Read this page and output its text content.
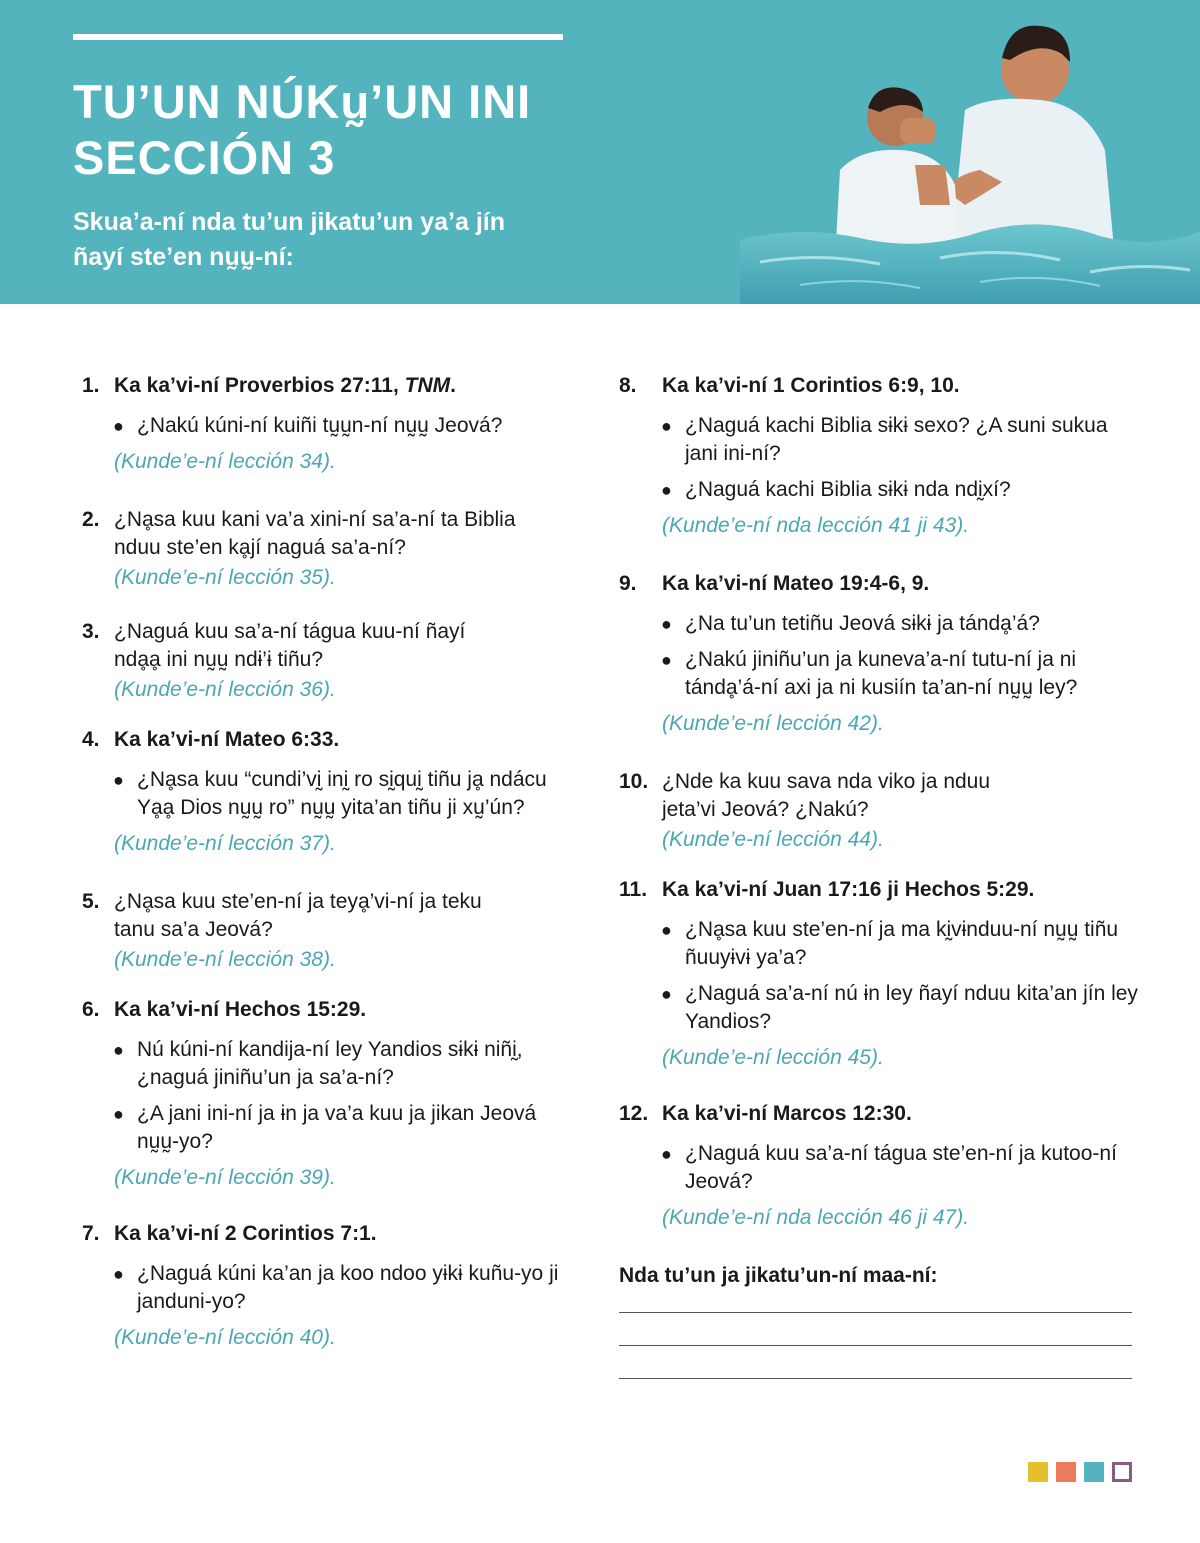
TU’UN NÚKṵ’UN INI
SECCIÓN 3
Skua’a-ní nda tu’un jikatu’un ya’a jín
ñayí ste’en nṵṵ-ní:
1. Ka ka’vi-ní Proverbios 27:11, TNM.
● ¿Nakú kúni-ní kuiñi tṵṵn-ní nṵṵ Jeová?
(Kunde’e-ní lección 34).
2. ¿Nḁsa kuu kani va’a xini-ní sa’a-ní ta Biblia
nduu ste’en kḁjí naguá sa’a-ní?
(Kunde’e-ní lección 35).
3. ¿Naguá kuu sa’a-ní tágua kuu-ní ñayí
ndḁḁ ini nṵṵ ndɨ’ɨ tiñu?
(Kunde’e-ní lección 36).
4. Ka ka’vi-ní Mateo 6:33.
● ¿Nḁsa kuu “cundi’vḭ inḭ ro sḭquḭ tiñu jḁ ndácu Yḁḁ Dios nṵṵ ro” nṵṵ yita’an tiñu ji xṵ’ún?
(Kunde’e-ní lección 37).
5. ¿Nḁsa kuu ste’en-ní ja teyḁ’vi-ní ja teku
tanu sa’a Jeová?
(Kunde’e-ní lección 38).
6. Ka ka’vi-ní Hechos 15:29.
● Nú kúni-ní kandija-ní ley Yandios sɨkɨ niñḭ, ¿naguá jiniñu’un ja sa’a-ní?
● ¿A jani ini-ní ja ɨn ja va’a kuu ja jikan Jeová nṵṵ-yo?
(Kunde’e-ní lección 39).
7. Ka ka’vi-ní 2 Corintios 7:1.
● ¿Naguá kúni ka’an ja koo ndoo yɨkɨ kuñu-yo ji janduni-yo?
(Kunde’e-ní lección 40).
8. Ka ka’vi-ní 1 Corintios 6:9, 10.
● ¿Naguá kachi Biblia sɨkɨ sexo? ¿A suni sukua jani ini-ní?
● ¿Naguá kachi Biblia sɨkɨ nda ndḭxí?
(Kunde’e-ní nda lección 41 ji 43).
9. Ka ka’vi-ní Mateo 19:4-6, 9.
● ¿Na tu’un tetiñu Jeová sɨkɨ ja tándḁ’á?
● ¿Nakú jiniñu’un ja kuneva’a-ní tutu-ní ja ni tándḁ’á-ní axi ja ni kusiín ta’an-ní nṵṵ ley?
(Kunde’e-ní lección 42).
10. ¿Nde ka kuu sava nda viko ja nduu
jeta’vi Jeová? ¿Nakú?
(Kunde’e-ní lección 44).
11. Ka ka’vi-ní Juan 17:16 ji Hechos 5:29.
● ¿Nḁsa kuu ste’en-ní ja ma kḭvɨnduu-ní nṵṵ tiñu ñuuyɨvɨ ya’a?
● ¿Naguá sa’a-ní nú ɨn ley ñayí nduu kita’an jín ley Yandios?
(Kunde’e-ní lección 45).
12. Ka ka’vi-ní Marcos 12:30.
● ¿Naguá kuu sa’a-ní tágua ste’en-ní ja kutoo-ní Jeová?
(Kunde’e-ní nda lección 46 ji 47).
Nda tu’un ja jikatu’un-ní maa-ní:
